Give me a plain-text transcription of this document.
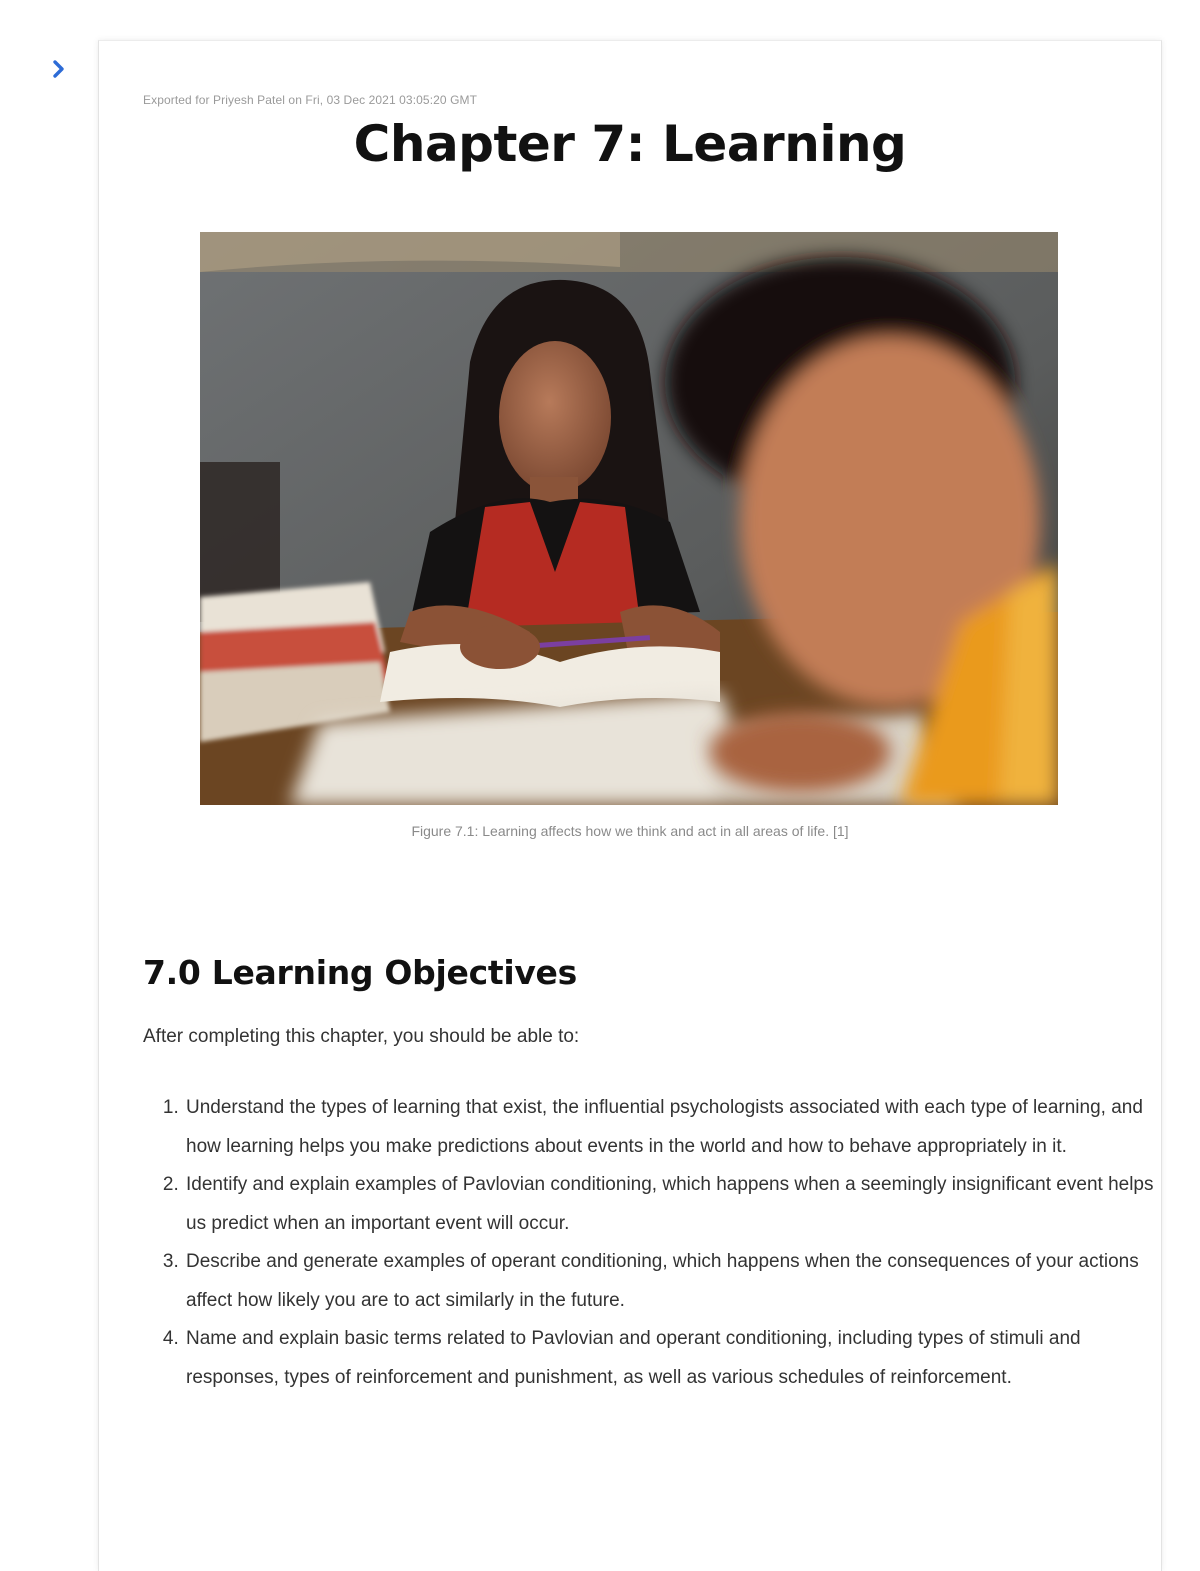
Exported for Priyesh Patel on Fri, 03 Dec 2021 03:05:20 GMT
Chapter 7: Learning
Figure 7.1: Learning affects how we think and act in all areas of life. [1]
7.0 Learning Objectives

After completing this chapter, you should be able to:

1. Understand the types of learning that exist, the influential psychologists associated with each type of learning, and how learning helps you make predictions about events in the world and how to behave appropriately in it.
2. Identify and explain examples of Pavlovian conditioning, which happens when a seemingly insignificant event helps us predict when an important event will occur.
3. Describe and generate examples of operant conditioning, which happens when the consequences of your actions affect how likely you are to act similarly in the future.
4. Name and explain basic terms related to Pavlovian and operant conditioning, including types of stimuli and responses, types of reinforcement and punishment, as well as various schedules of reinforcement.
